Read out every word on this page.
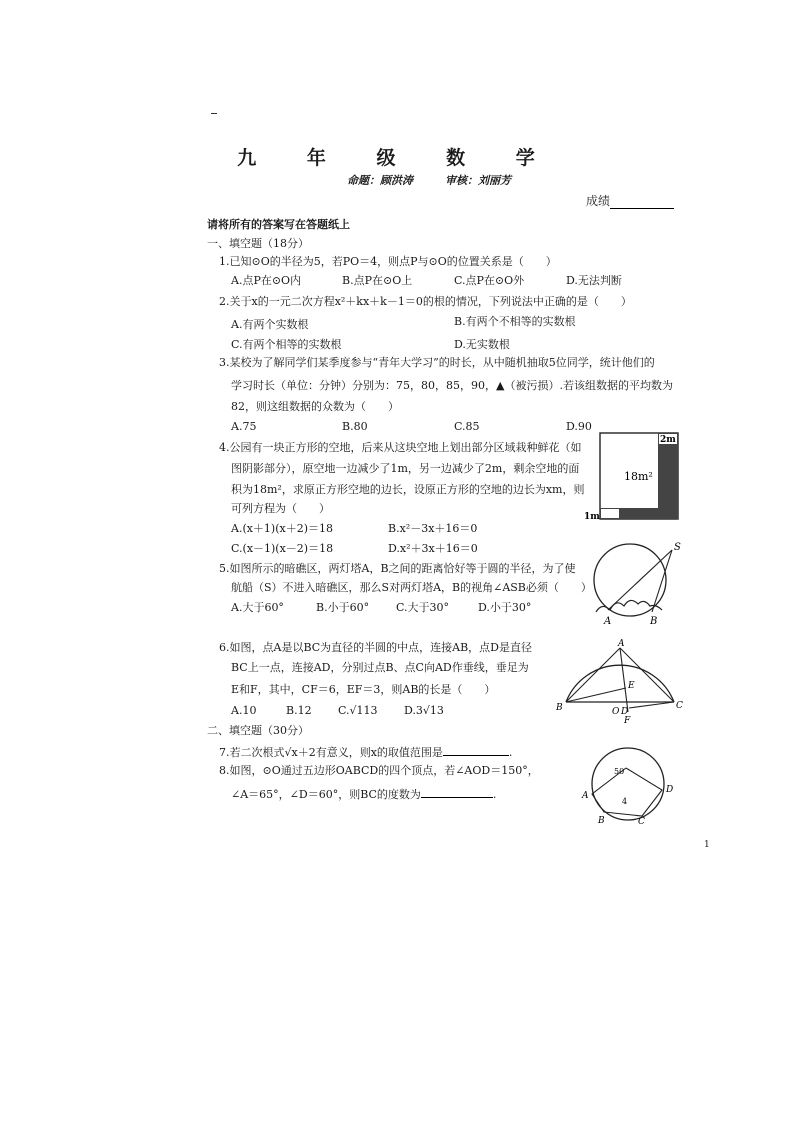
九 年 级 数 学
命题：顾洪涛	审核：刘丽芳
成绩
请将所有的答案写在答题纸上
一、填空题（18分）
1.已知⊙O的半径为5，若PO＝4，则点P与⊙O的位置关系是（　　）
A.点P在⊙O内	B.点P在⊙O上	C.点P在⊙O外	D.无法判断
2.关于x的一元二次方程x²＋kx＋k－1＝0的根的情况，下列说法中正确的是（　　）
A.有两个实数根	B.有两个不相等的实数根
C.有两个相等的实数根	D.无实数根
3.某校为了解同学们某季度参与“青年大学习”的时长，从中随机抽取5位同学，统计他们的
学习时长（单位：分钟）分别为：75，80，85，90，▲（被污损）.若该组数据的平均数为
82，则这组数据的众数为（　　）
A.75	B.80	C.85	D.90
4.公园有一块正方形的空地，后来从这块空地上划出部分区域栽种鲜花（如
图阴影部分），原空地一边减少了1m，另一边减少了2m，剩余空地的面
积为18m²，求原正方形空地的边长，设原正方形的空地的边长为xm，则
可列方程为（　　）
A.(x＋1)(x＋2)＝18	B.x²－3x＋16＝0
C.(x－1)(x－2)＝18	D.x²＋3x＋16＝0
18m²
2m
1m
5.如图所示的暗礁区，两灯塔A，B之间的距离恰好等于圆的半径，为了使
航船（S）不进入暗礁区，那么S对两灯塔A，B的视角∠ASB必须（　　）
A.大于60°	B.小于60° C.大于30°	D.小于30°
S
A	B
6.如图，点A是以BC为直径的半圆的中点，连接AB，点D是直径
BC上一点，连接AD，分别过点B、点C向AD作垂线，垂足为
E和F，其中，CF＝6，EF＝3，则AB的长是（　　）
A.10	B.12 C.√113 D.3√13
A
B	C
E
O D
F
二、填空题（30分）
7.若二次根式√x＋2有意义，则x的取值范围是	.
8.如图，⊙O通过五边形OABCD的四个顶点，若∠AOD＝150°，
∠A＝65°，∠D＝60°，则BC的度数为	.
50
4
A
B	C
D
1
